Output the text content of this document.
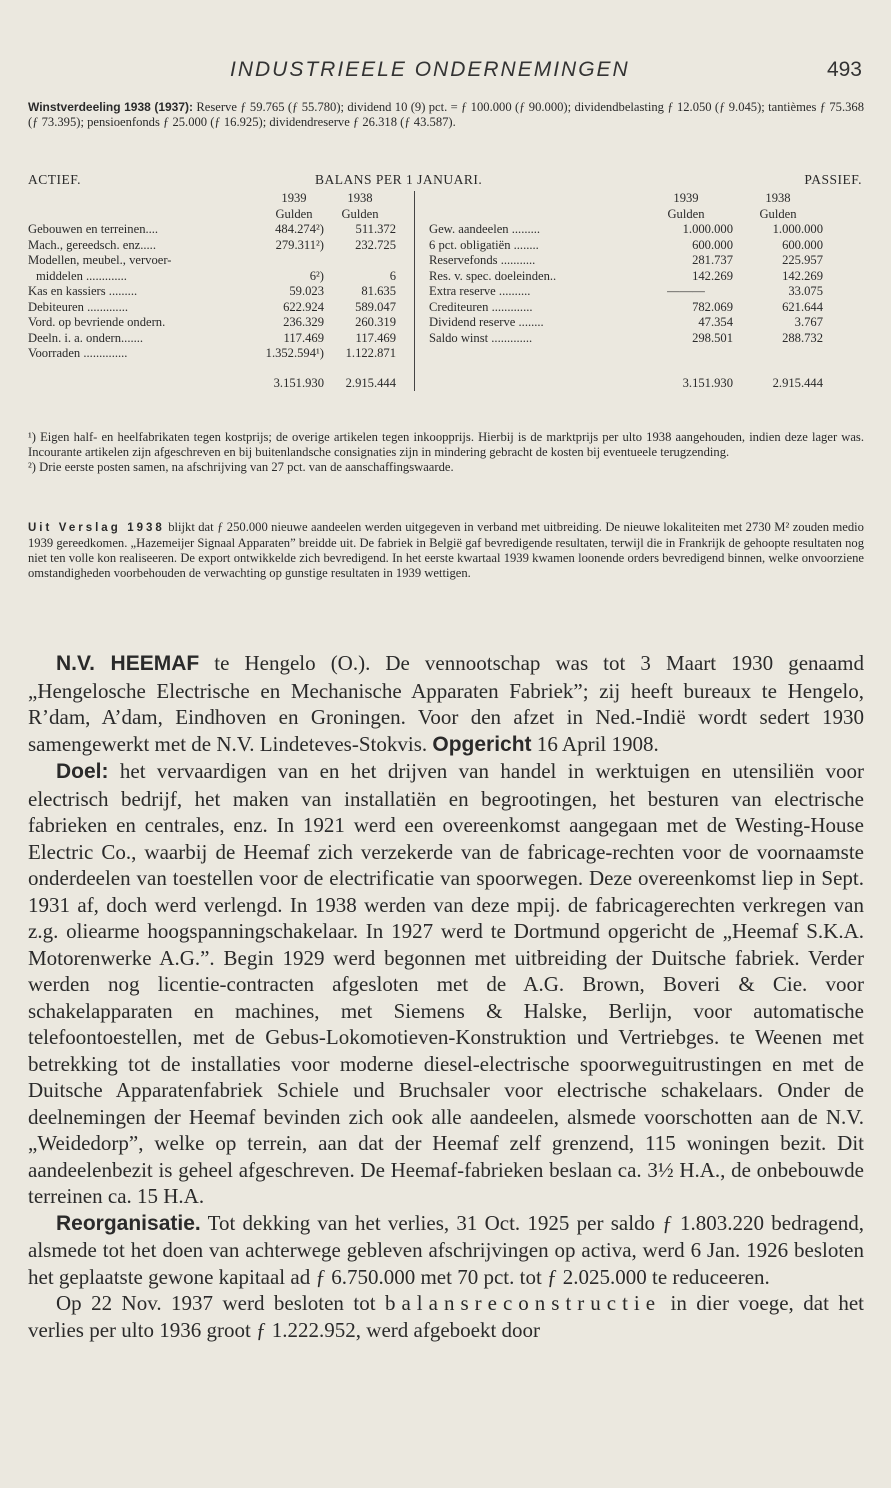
INDUSTRIEELE ONDERNEMINGEN	493
Winstverdeeling 1938 (1937): Reserve ƒ 59.765 (ƒ 55.780); dividend 10 (9) pct. = ƒ 100.000 (ƒ 90.000); dividendbelasting ƒ 12.050 (ƒ 9.045); tantièmes ƒ 75.368 (ƒ 73.395); pensioenfonds ƒ 25.000 (ƒ 16.925); dividendreserve ƒ 26.318 (ƒ 43.587).
ACTIEF.	BALANS PER 1 JANUARI.	PASSIEF.
	1939	1938				1939	1938
	Gulden	Gulden				Gulden	Gulden
Gebouwen en terreinen....	484.274²)	511.372			Gew. aandeelen .........	1.000.000	1.000.000
Mach., gereedsch. enz.....	279.311²)	232.725			6 pct. obligatiën ........	600.000	600.000
Modellen, meubel., vervoer-					Reservefonds ...........	281.737	225.957
middelen .............	6²)	6			Res. v. spec. doeleinden..	142.269	142.269
Kas en kassiers .........	59.023	81.635			Extra reserve ..........	———	33.075
Debiteuren .............	622.924	589.047			Crediteuren .............	782.069	621.644
Vord. op bevriende ondern.	236.329	260.319			Dividend reserve ........	47.354	3.767
Deeln. i. a. ondern.......	117.469	117.469			Saldo winst .............	298.501	288.732
Voorraden ..............	1.352.594¹)	1.122.871					

	3.151.930	2.915.444				3.151.930	2.915.444

¹) Eigen half- en heelfabrikaten tegen kostprijs; de overige artikelen tegen inkoopprijs. Hierbij is de marktprijs per ulto 1938 aangehouden, indien deze lager was. Incourante artikelen zijn afgeschreven en bij buitenlandsche consignaties zijn in mindering gebracht de kosten bij eventueele terugzending.

²) Drie eerste posten samen, na afschrijving van 27 pct. van de aanschaffingswaarde.

Uit Verslag 1938 blijkt dat ƒ 250.000 nieuwe aandeelen werden uitgegeven in verband met uitbreiding. De nieuwe lokaliteiten met 2730 M² zouden medio 1939 gereedkomen. „Hazemeijer Signaal Apparaten” breidde uit. De fabriek in België gaf bevredigende resultaten, terwijl die in Frankrijk de gehoopte resultaten nog niet ten volle kon realiseeren. De export ontwikkelde zich bevredigend. In het eerste kwartaal 1939 kwamen loonende orders bevredigend binnen, welke onvoorziene omstandigheden voorbehouden de verwachting op gunstige resultaten in 1939 wettigen.

N.V. HEEMAF te Hengelo (O.). De vennootschap was tot 3 Maart 1930 genaamd „Hengelosche Electrische en Mechanische Apparaten Fabriek”; zij heeft bureaux te Hengelo, R’dam, A’dam, Eindhoven en Groningen. Voor den afzet in Ned.-Indië wordt sedert 1930 samengewerkt met de N.V. Lindeteves-Stokvis. Opgericht 16 April 1908.

Doel: het vervaardigen van en het drijven van handel in werktuigen en utensiliën voor electrisch bedrijf, het maken van installatiën en begrootingen, het besturen van electrische fabrieken en centrales, enz. In 1921 werd een overeenkomst aangegaan met de Westing-House Electric Co., waarbij de Heemaf zich verzekerde van de fabricage-rechten voor de voornaamste onderdeelen van toestellen voor de electrificatie van spoorwegen. Deze overeenkomst liep in Sept. 1931 af, doch werd verlengd. In 1938 werden van deze mpij. de fabricagerechten verkregen van z.g. oliearme hoogspanningschakelaar. In 1927 werd te Dortmund opgericht de „Heemaf S.K.A. Motorenwerke A.G.”. Begin 1929 werd begonnen met uitbreiding der Duitsche fabriek. Verder werden nog licentie-contracten afgesloten met de A.G. Brown, Boveri & Cie. voor schakelapparaten en machines, met Siemens & Halske, Berlijn, voor automatische telefoontoestellen, met de Gebus-Lokomotieven-Konstruktion und Vertriebges. te Weenen met betrekking tot de installaties voor moderne diesel-electrische spoorweguitrustingen en met de Duitsche Apparatenfabriek Schiele und Bruchsaler voor electrische schakelaars. Onder de deelnemingen der Heemaf bevinden zich ook alle aandeelen, alsmede voorschotten aan de N.V. „Weidedorp”, welke op terrein, aan dat der Heemaf zelf grenzend, 115 woningen bezit. Dit aandeelenbezit is geheel afgeschreven. De Heemaf-fabrieken beslaan ca. 3½ H.A., de onbebouwde terreinen ca. 15 H.A.

Reorganisatie. Tot dekking van het verlies, 31 Oct. 1925 per saldo ƒ 1.803.220 bedragend, alsmede tot het doen van achterwege gebleven afschrijvingen op activa, werd 6 Jan. 1926 besloten het geplaatste gewone kapitaal ad ƒ 6.750.000 met 70 pct. tot ƒ 2.025.000 te reduceeren.

Op 22 Nov. 1937 werd besloten tot balansreconstructie in dier voege, dat het verlies per ulto 1936 groot ƒ 1.222.952, werd afgeboekt door
